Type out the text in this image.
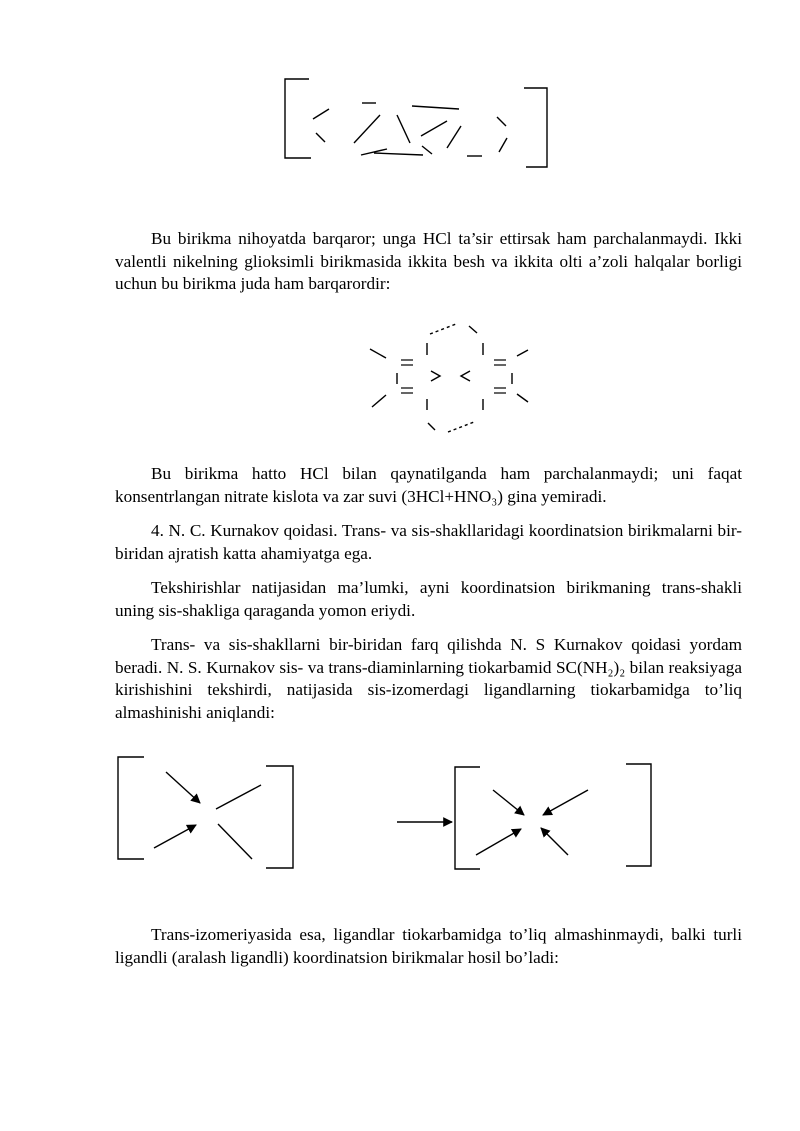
Bu birikma nihoyatda barqaror; unga HCl ta’sir ettirsak ham parchalanmaydi. Ikki valentli nikelning glioksimli birikmasida ikkita besh va ikkita olti a’zoli halqalar borligi uchun bu birikma juda ham barqarordir:

Bu birikma hatto HCl bilan qaynatilganda ham parchalanmaydi; uni faqat konsentrlangan nitrate kislota va zar suvi (3HCl+HNO₃) gina yemiradi.

4. N. C. Kurnakov qoidasi. Trans- va sis-shakllaridagi koordinatsion birikmalarni bir-biridan ajratish katta ahamiyatga ega.

Tekshirishlar natijasidan ma’lumki, ayni koordinatsion birikmaning trans-shakli uning sis-shakliga qaraganda yomon eriydi.

Trans- va sis-shakllarni bir-biridan farq qilishda N. S Kurnakov qoidasi yordam beradi. N. S. Kurnakov sis- va trans-diaminlarning tiokarbamid SC(NH₂)₂ bilan reaksiyaga kirishishini tekshirdi, natijasida sis-izomerdagi ligandlarning tiokarbamidga to’liq almashinishi aniqlandi:

Trans-izomeriyasida esa, ligandlar tiokarbamidga to’liq almashinmaydi, balki turli ligandli (aralash ligandli) koordinatsion birikmalar hosil bo’ladi:
